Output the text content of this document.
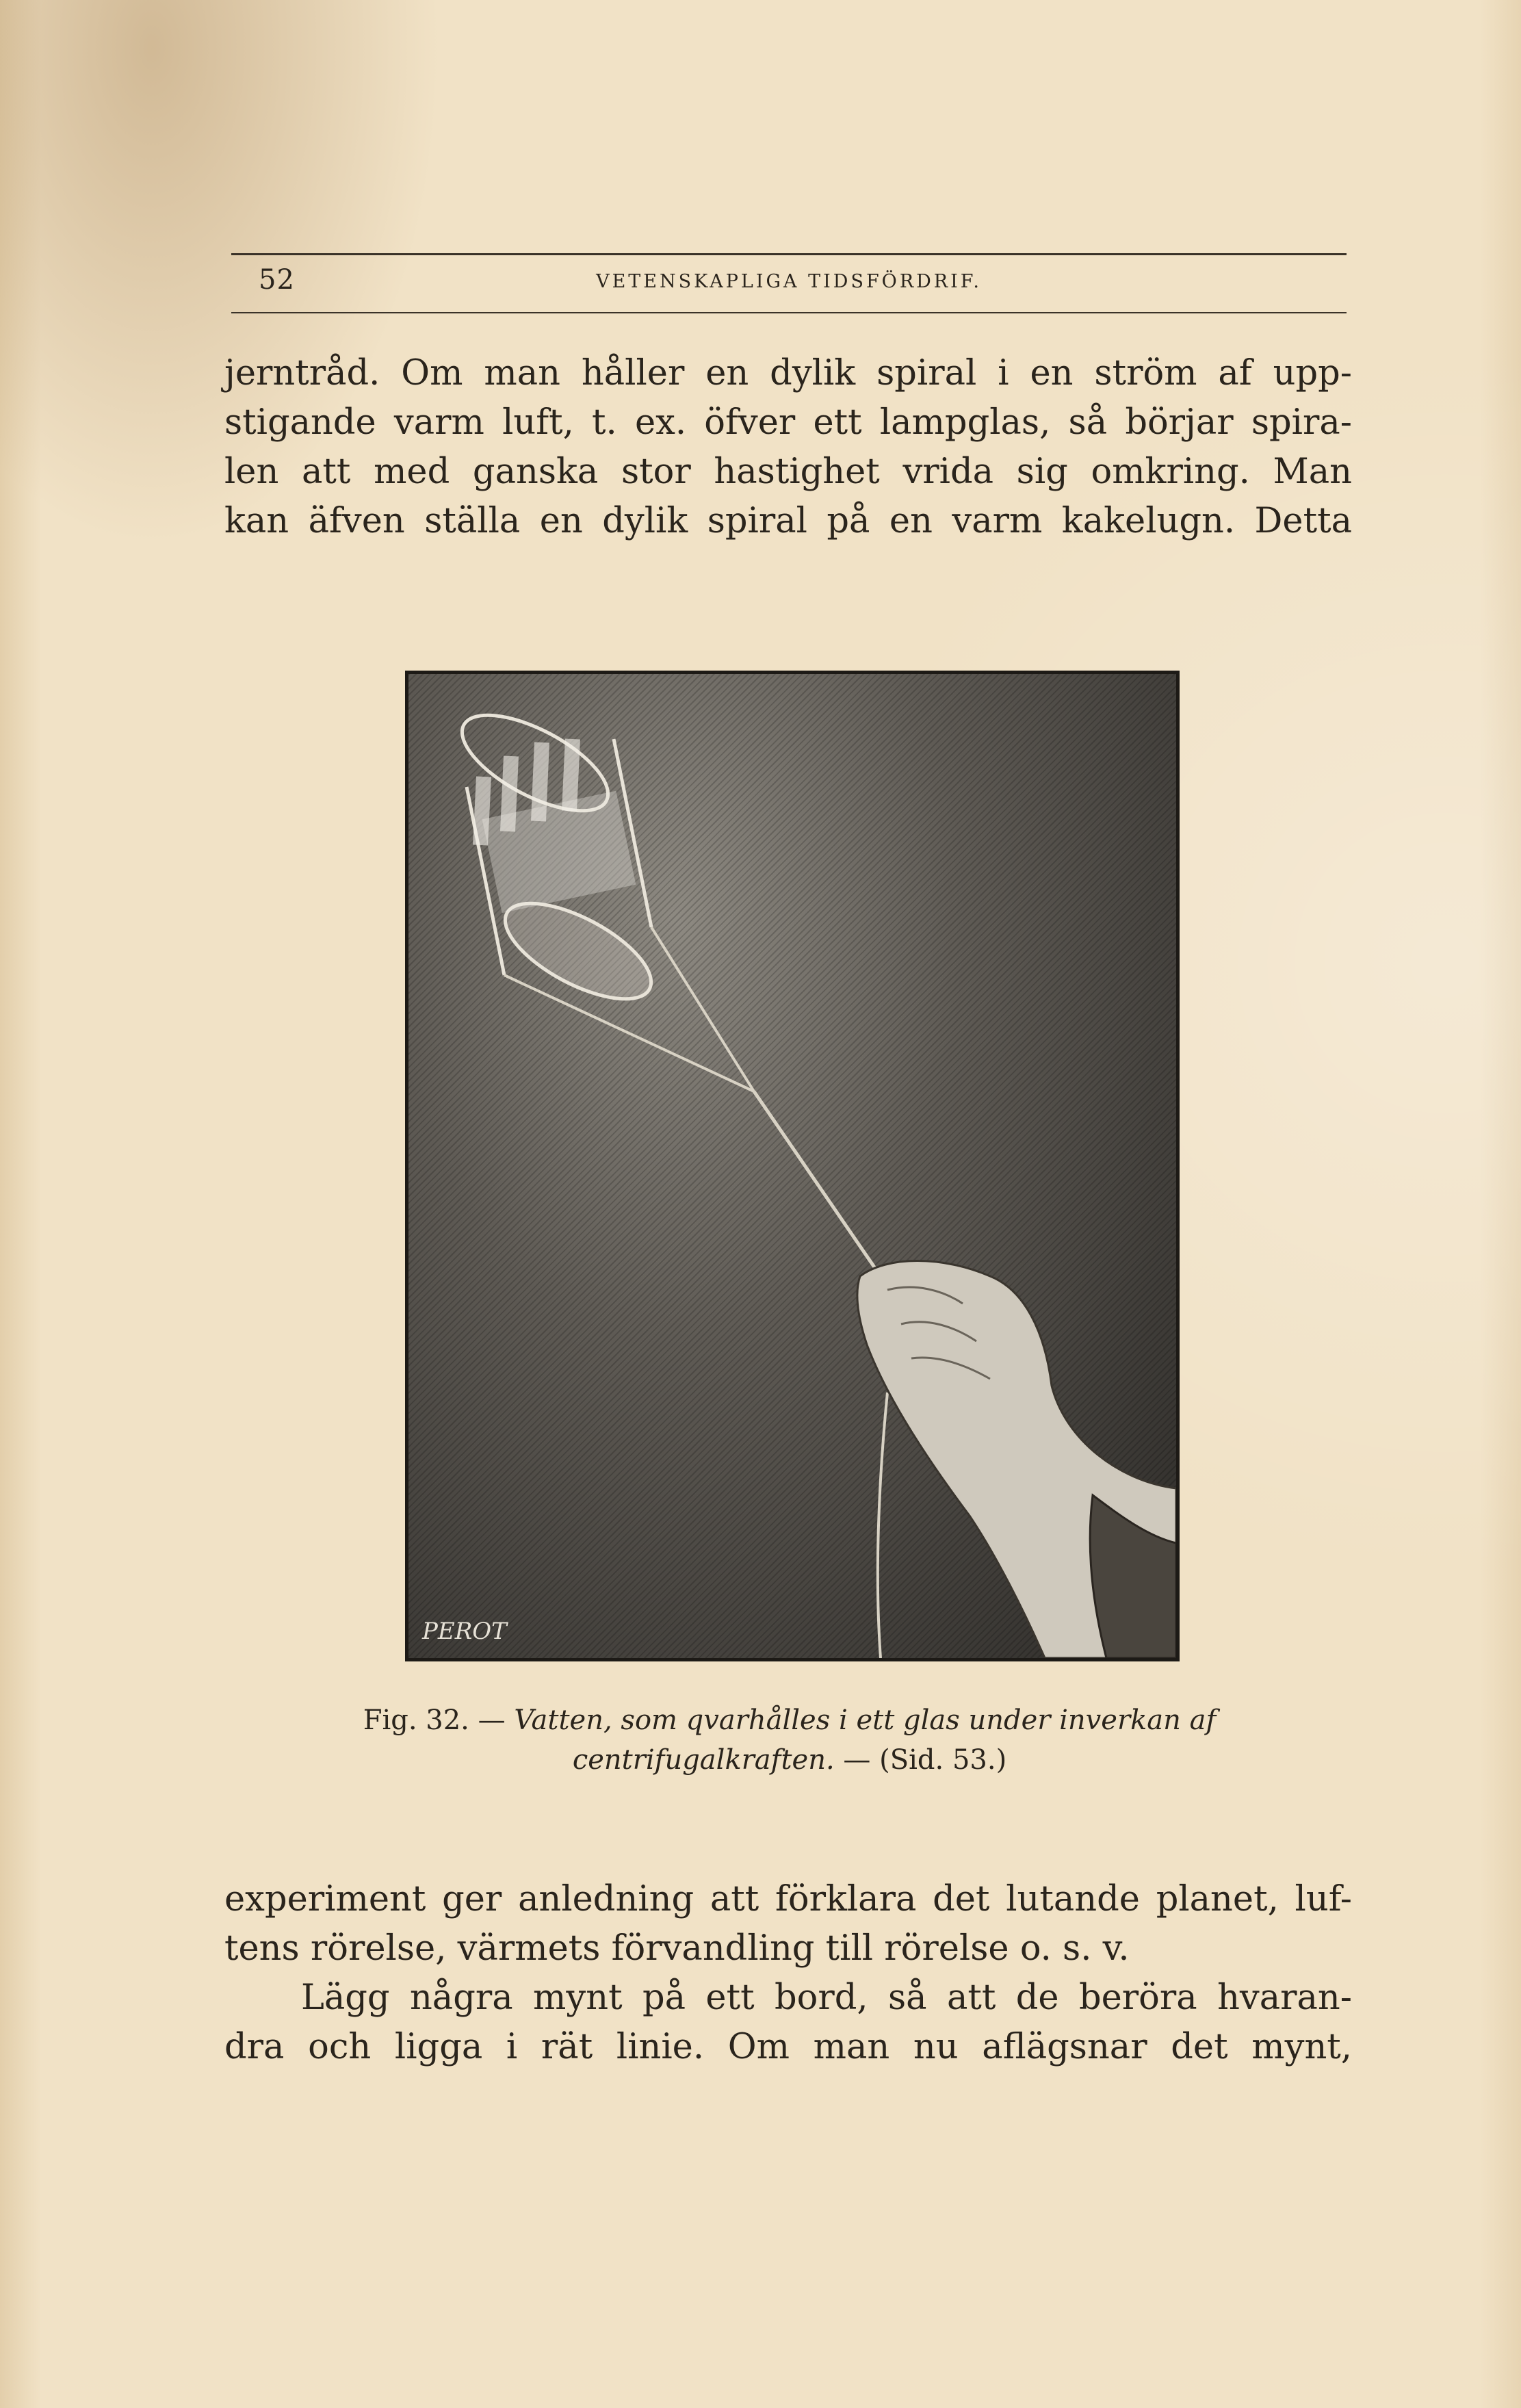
52	VETENSKAPLIGA TIDSFÖRDRIF.

jerntråd. Om man håller en dylik spiral i en ström af upp-
stigande varm luft, t. ex. öfver ett lampglas, så börjar spira-
len att med ganska stor hastighet vrida sig omkring. Man
kan äfven ställa en dylik spiral på en varm kakelugn. Detta

PEROT
Fig. 32. — Vatten, som qvarhålles i ett glas under inverkan af
centrifugalkraften. — (Sid. 53.)

experiment ger anledning att förklara det lutande planet, luf-
tens rörelse, värmets förvandling till rörelse o. s. v.

Lägg några mynt på ett bord, så att de beröra hvaran-
dra och ligga i rät linie. Om man nu aflägsnar det mynt,
